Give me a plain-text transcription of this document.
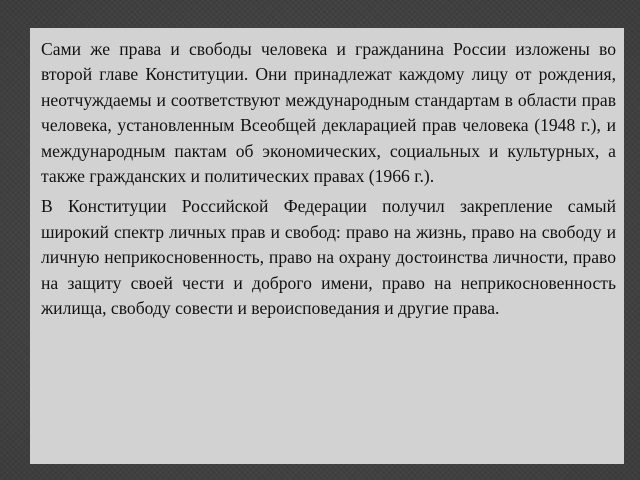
Сами же права и свободы человека и гражданина России изложены во второй главе Конституции. Они принадлежат каждому лицу от рождения, неотчуждаемы и соответствуют международным стандартам в области прав человека, установленным Всеобщей декларацией прав человека (1948 г.), и международным пактам об экономических, социальных и культурных, а также гражданских и политических правах (1966 г.).

В Конституции Российской Федерации получил закрепление самый широкий спектр личных прав и свобод: право на жизнь, право на свободу и личную неприкосновенность, право на охрану достоинства личности, право на защиту своей чести и доброго имени, право на неприкосновенность жилища, свободу совести и вероисповедания и другие права.
